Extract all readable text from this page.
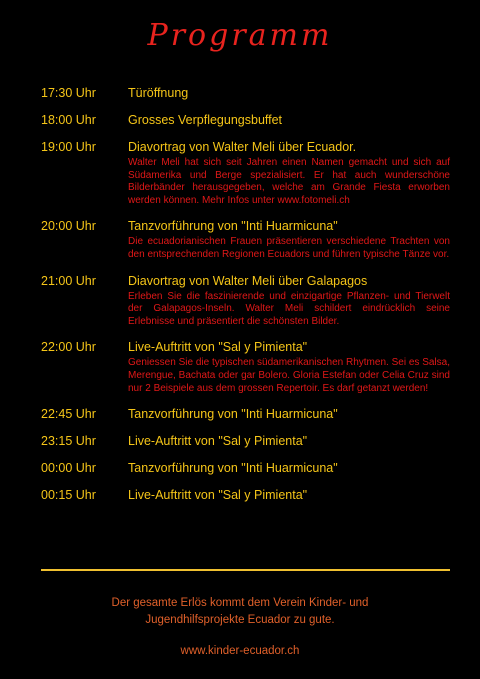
Programm
17:30 Uhr	Türöffnung
18:00 Uhr	Grosses Verpflegungsbuffet
19:00 Uhr	Diavortrag von Walter Meli über Ecuador.
Walter Meli hat sich seit Jahren einen Namen gemacht und sich auf Südamerika und Berge spezialisiert. Er hat auch wunderschöne Bilderbänder herausgegeben, welche am Grande Fiesta erworben werden können. Mehr Infos unter www.fotomeli.ch
20:00 Uhr	Tanzvorführung von "Inti Huarmicuna"
Die ecuadorianischen Frauen präsentieren verschiedene Trachten von den entsprechenden Regionen Ecuadors und führen typische Tänze vor.
21:00 Uhr	Diavortrag von Walter Meli über Galapagos
Erleben Sie die faszinierende und einzigartige Pflanzen- und Tierwelt der Galapagos-Inseln. Walter Meli schildert eindrücklich seine Erlebnisse und präsentiert die schönsten Bilder.
22:00 Uhr	Live-Auftritt von "Sal y Pimienta"
Geniessen Sie die typischen südamerikanischen Rhytmen. Sei es Salsa, Merengue, Bachata oder gar Bolero. Gloria Estefan oder Celia Cruz sind nur 2 Beispiele aus dem grossen Repertoir. Es darf getanzt werden!
22:45 Uhr	Tanzvorführung von "Inti Huarmicuna"
23:15 Uhr	Live-Auftritt von "Sal y Pimienta"
00:00 Uhr	Tanzvorführung von "Inti Huarmicuna"
00:15 Uhr	Live-Auftritt von "Sal y Pimienta"
Der gesamte Erlös kommt dem Verein Kinder- und
Jugendhilfsprojekte Ecuador zu gute.
www.kinder-ecuador.ch
